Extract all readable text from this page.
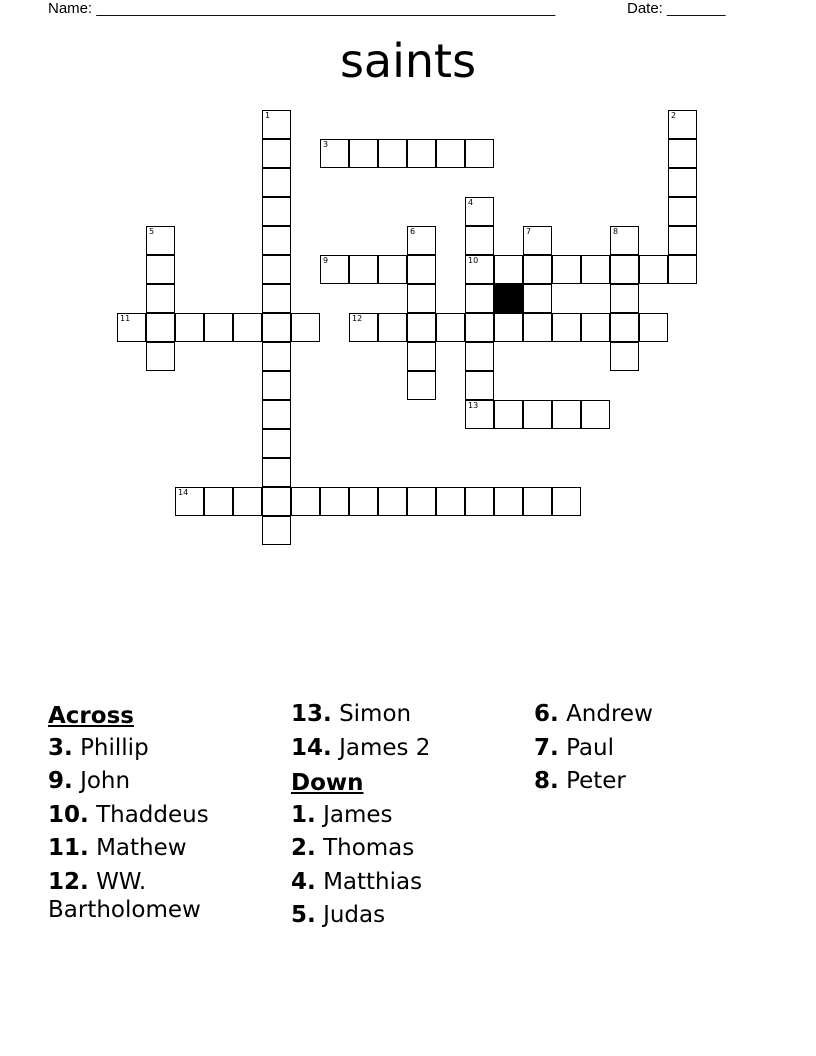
Name: _______________________________________________________	Date: _______
saints
1	2
3
4
10
5	6	7	8
9
11	12
14
13
Across
3. Phillip
9. John
10. Thaddeus
11. Mathew
12. WW. Bartholomew
13. Simon
14. James 2
Down
1. James
2. Thomas
4. Matthias
5. Judas
6. Andrew
7. Paul
8. Peter
